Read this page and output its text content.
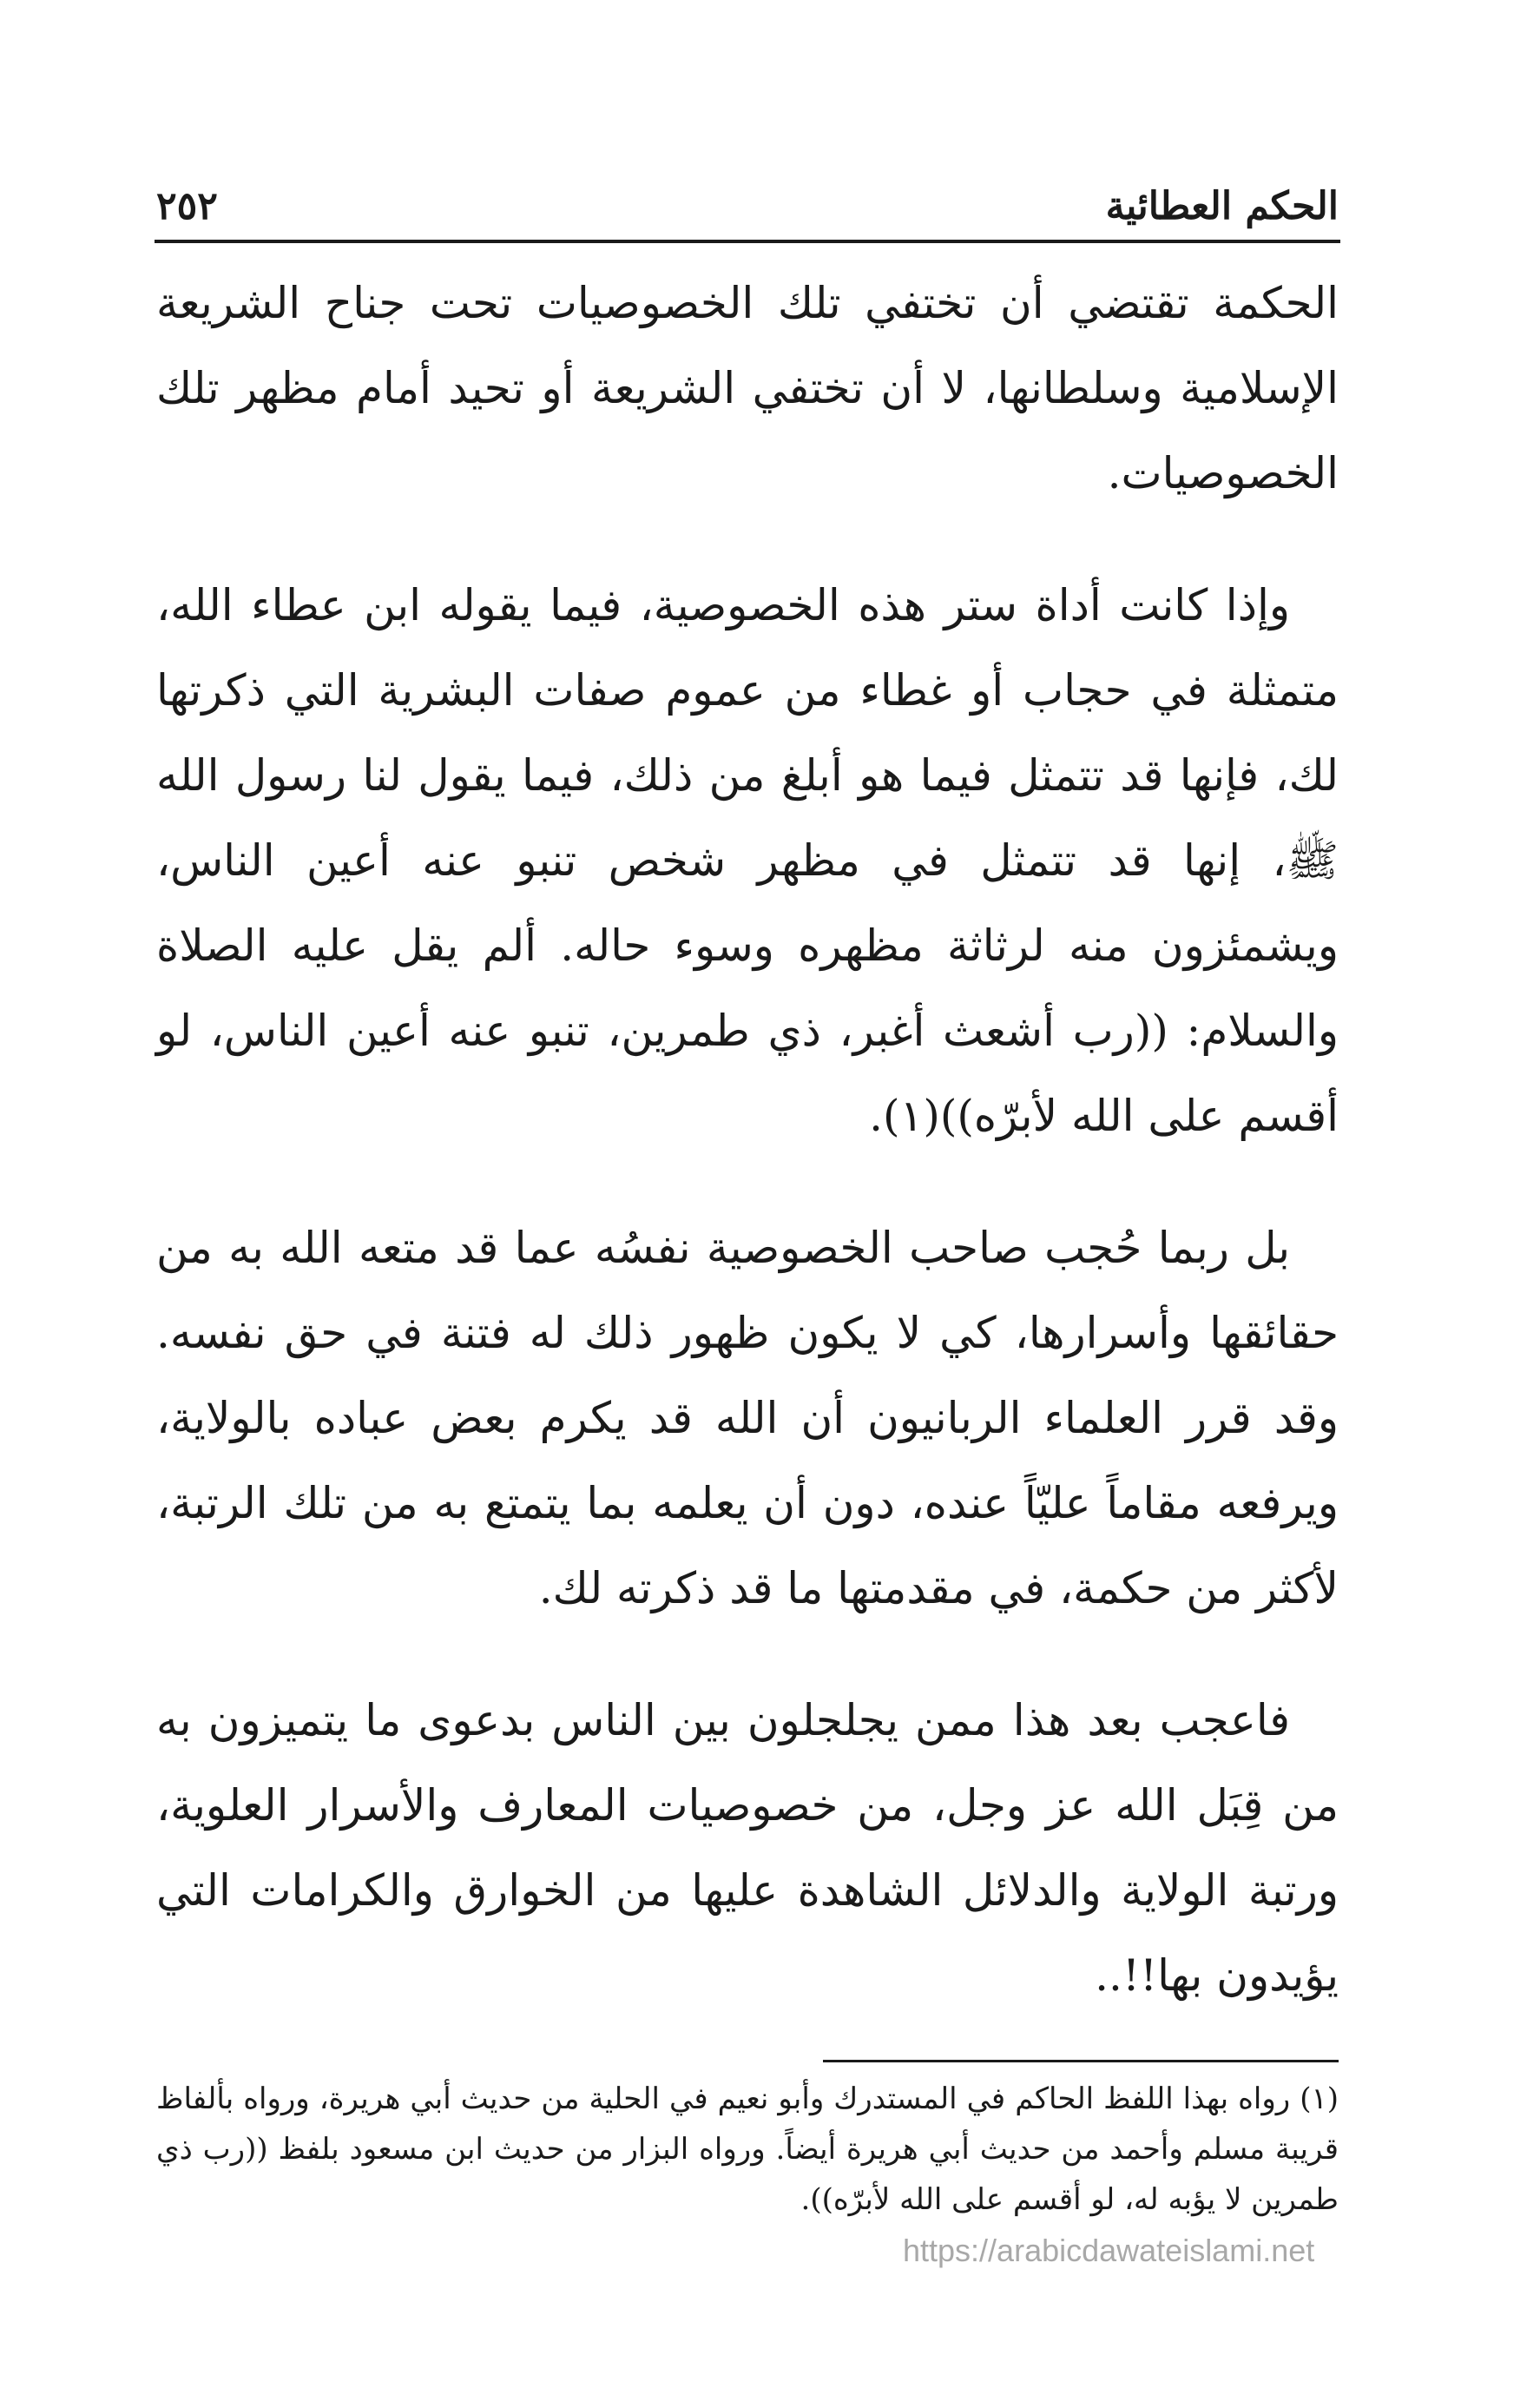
الحكم العطائية
٢٥٢

الحكمة تقتضي أن تختفي تلك الخصوصيات تحت جناح الشريعة الإسلامية وسلطانها، لا أن تختفي الشريعة أو تحيد أمام مظهر تلك الخصوصيات.

وإذا كانت أداة ستر هذه الخصوصية، فيما يقوله ابن عطاء الله، متمثلة في حجاب أو غطاء من عموم صفات البشرية التي ذكرتها لك، فإنها قد تتمثل فيما هو أبلغ من ذلك، فيما يقول لنا رسول الله ﷺ، إنها قد تتمثل في مظهر شخص تنبو عنه أعين الناس، ويشمئزون منه لرثاثة مظهره وسوء حاله. ألم يقل عليه الصلاة والسلام: ((رب أشعث أغبر، ذي طمرين، تنبو عنه أعين الناس، لو أقسم على الله لأبرّه))(١).

بل ربما حُجب صاحب الخصوصية نفسُه عما قد متعه الله به من حقائقها وأسرارها، كي لا يكون ظهور ذلك له فتنة في حق نفسه. وقد قرر العلماء الربانيون أن الله قد يكرم بعض عباده بالولاية، ويرفعه مقاماً عليّاً عنده، دون أن يعلمه بما يتمتع به من تلك الرتبة، لأكثر من حكمة، في مقدمتها ما قد ذكرته لك.

فاعجب بعد هذا ممن يجلجلون بين الناس بدعوى ما يتميزون به من قِبَل الله عز وجل، من خصوصيات المعارف والأسرار العلوية، ورتبة الولاية والدلائل الشاهدة عليها من الخوارق والكرامات التي يؤيدون بها!!..

(١) رواه بهذا اللفظ الحاكم في المستدرك وأبو نعيم في الحلية من حديث أبي هريرة، ورواه بألفاظ قريبة مسلم وأحمد من حديث أبي هريرة أيضاً. ورواه البزار من حديث ابن مسعود بلفظ ((رب ذي طمرين لا يؤبه له، لو أقسم على الله لأبرّه)).

https://arabicdawateislami.net
